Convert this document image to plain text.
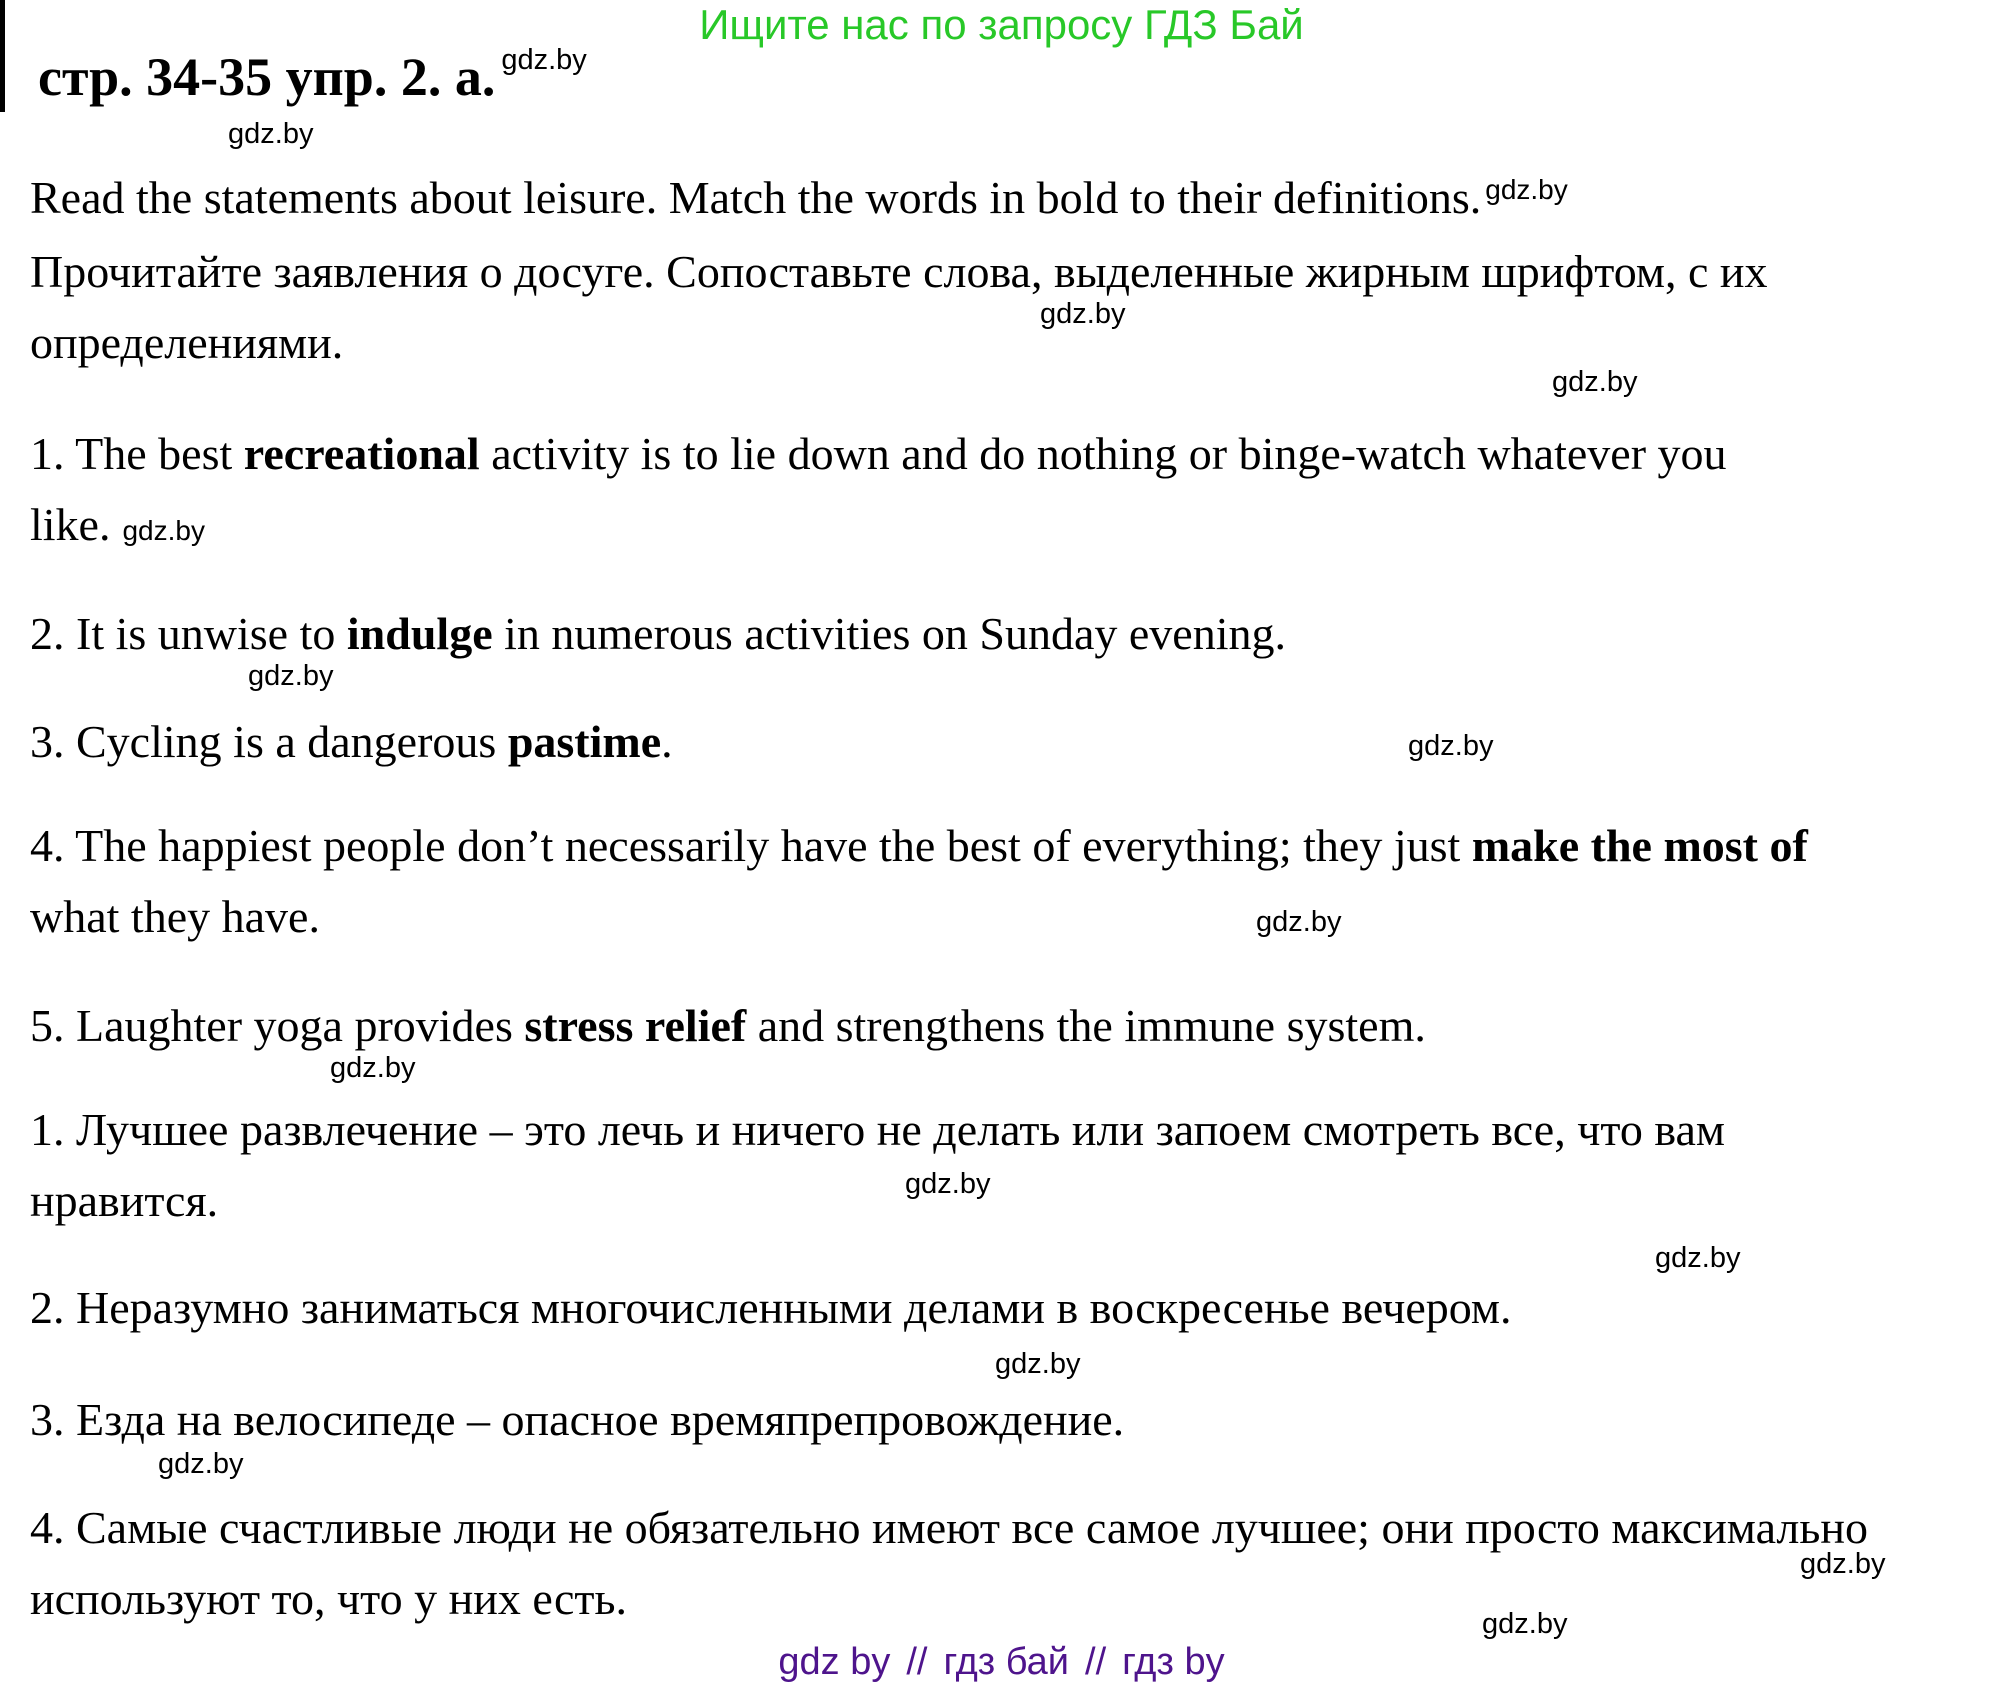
Ищите нас по запросу ГДЗ Бай
стр. 34-35 упр. 2. а. $^{gdz.by}$
gdz.by
Read the statements about leisure. Match the words in bold to their definitions. $^{gdz.by}$
Прочитайте заявления о досуге. Сопоставьте слова, выделенные жирным шрифтом, с их определениями.
gdz.by
gdz.by
1. The best recreational activity is to lie down and do nothing or binge-watch whatever you like. gdz.by
2. It is unwise to indulge in numerous activities on Sunday evening.
gdz.by
3. Cycling is a dangerous pastime.	gdz.by
4. The happiest people don’t necessarily have the best of everything; they just make the most of what they have.	gdz.by
5. Laughter yoga provides stress relief and strengthens the immune system.
gdz.by
1. Лучшее развлечение – это лечь и ничего не делать или запоем смотреть все, что вам нравится.	gdz.by
gdz.by
2. Неразумно заниматься многочисленными делами в воскресенье вечером.
gdz.by
3. Езда на велосипеде – опасное времяпрепровождение.
gdz.by
4. Самые счастливые люди не обязательно имеют все самое лучшее; они просто максимально используют то, что у них есть.
gdz.by
gdz.by
gdz by // гдз бай // гдз by
